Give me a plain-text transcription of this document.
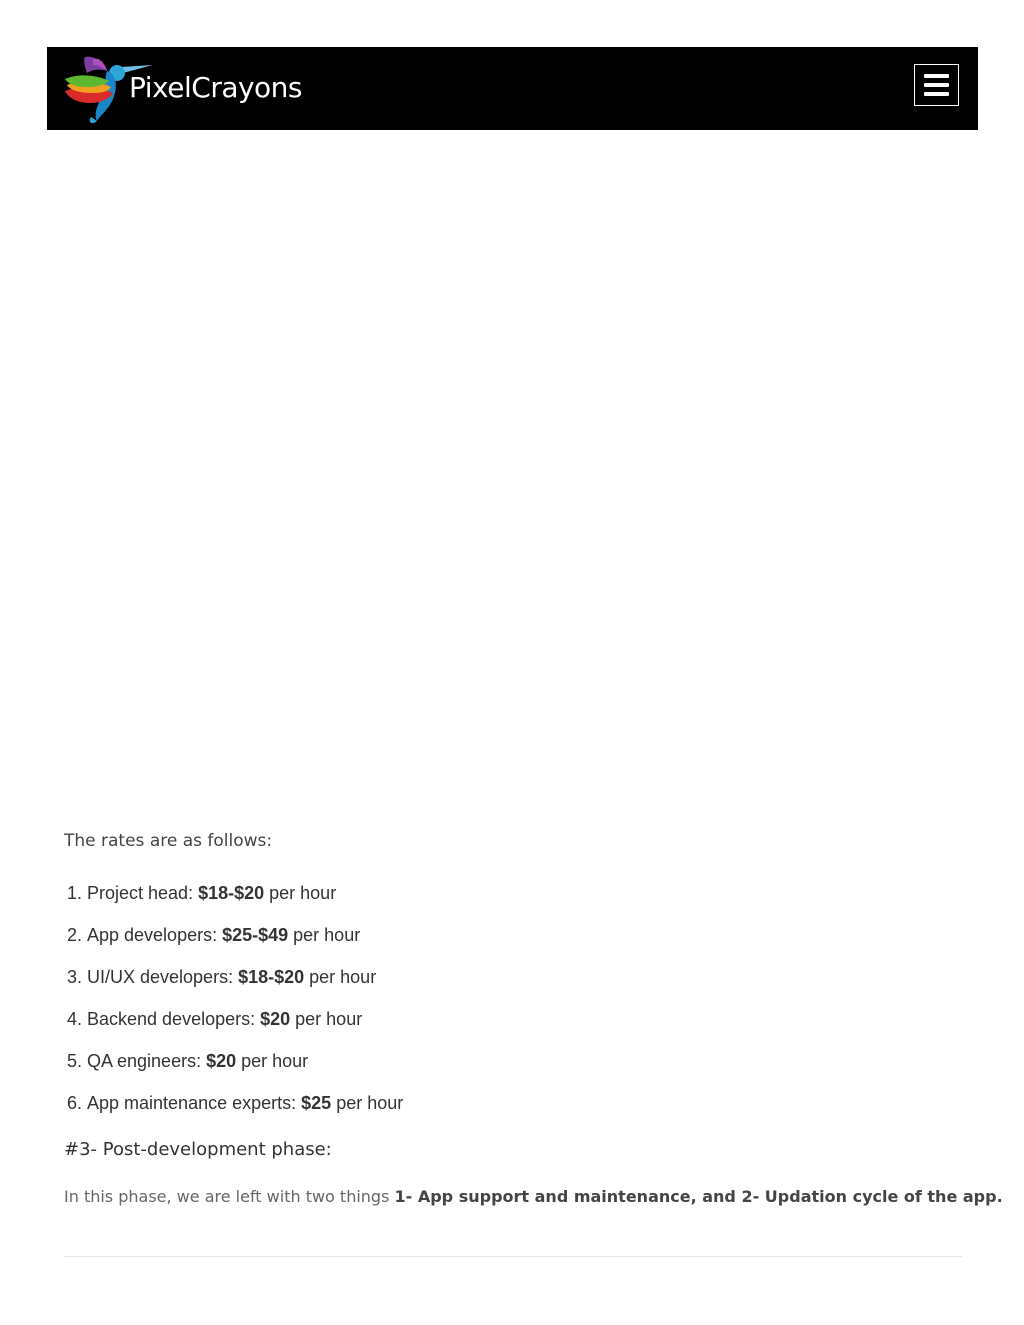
PixelCrayons

The rates are as follows:

1. Project head: $18-$20 per hour
2. App developers: $25-$49 per hour
3. UI/UX developers: $18-$20 per hour
4. Backend developers: $20 per hour
5. QA engineers: $20 per hour
6. App maintenance experts: $25 per hour
#3- Post-development phase:

In this phase, we are left with two things 1- App support and maintenance, and 2- Updation cycle of the app.
